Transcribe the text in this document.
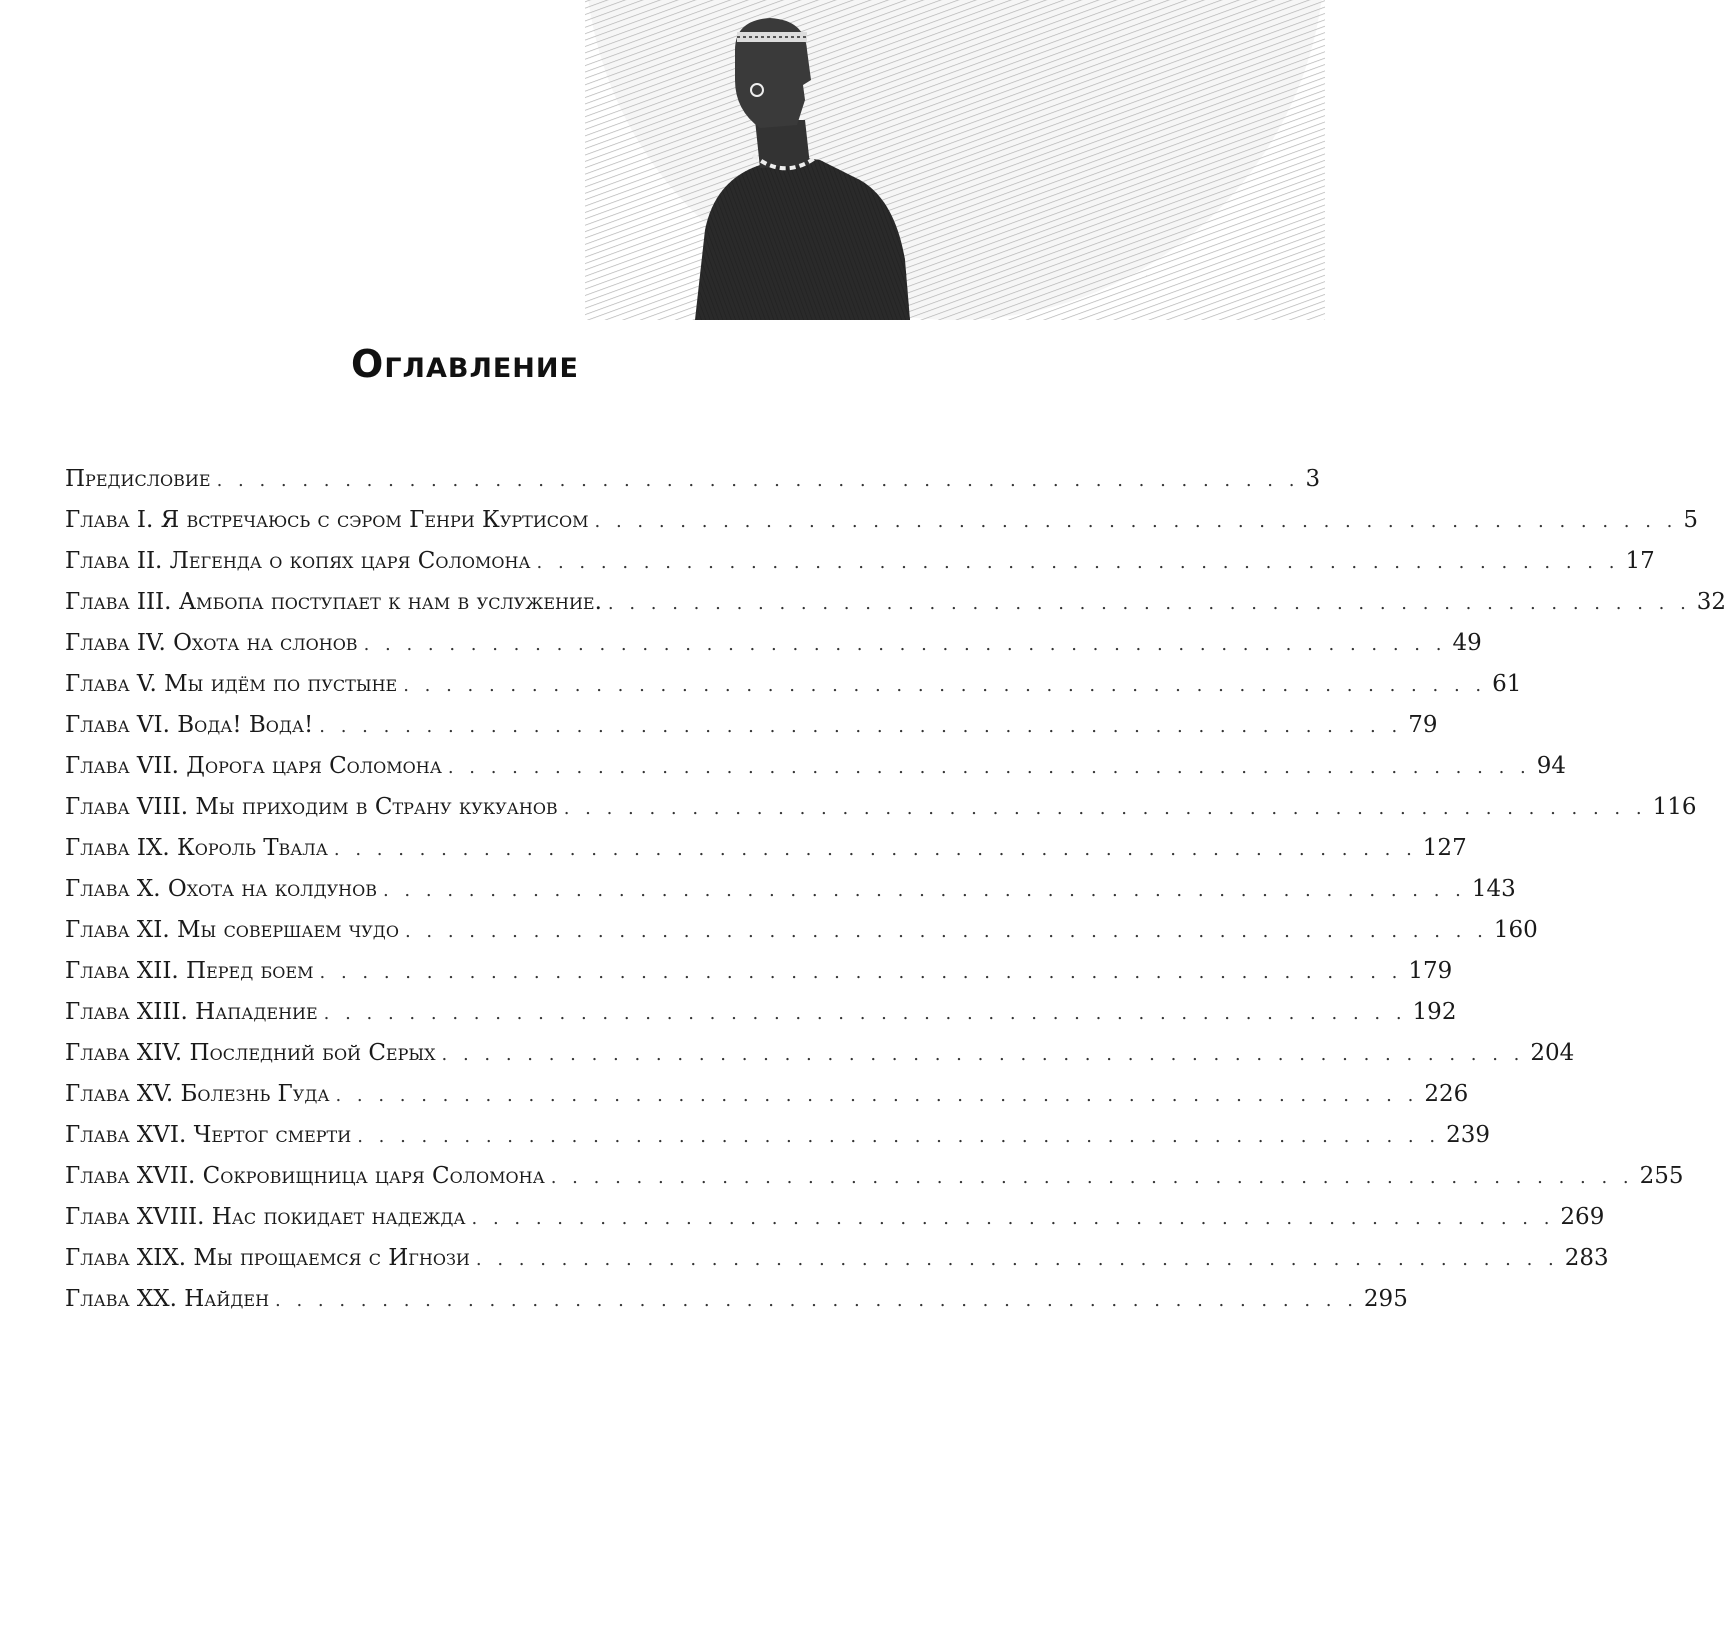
Оглавление
Предисловие . . . . . . . . . . . . . . . . . . . . . . . . . . . . . . . . . . . . . . . . . . . . . . . . . . . 3
Глава I. Я встречаюсь с сэром Генри Куртисом . . . . . . . . . . . . . . . . . . . . . . . . . . . . . . . . . . . . . . . . . . . . . . . . . . . 5
Глава II. Легенда о копях царя Соломона . . . . . . . . . . . . . . . . . . . . . . . . . . . . . . . . . . . . . . . . . . . . . . . . . . . 17
Глава III. Амбопа поступает к нам в услужение. . . . . . . . . . . . . . . . . . . . . . . . . . . . . . . . . . . . . . . . . . . . . . . . . . . . 32
Глава IV. Охота на слонов . . . . . . . . . . . . . . . . . . . . . . . . . . . . . . . . . . . . . . . . . . . . . . . . . . . 49
Глава V. Мы идём по пустыне . . . . . . . . . . . . . . . . . . . . . . . . . . . . . . . . . . . . . . . . . . . . . . . . . . . 61
Глава VI. Вода! Вода! . . . . . . . . . . . . . . . . . . . . . . . . . . . . . . . . . . . . . . . . . . . . . . . . . . . 79
Глава VII. Дорога царя Соломона . . . . . . . . . . . . . . . . . . . . . . . . . . . . . . . . . . . . . . . . . . . . . . . . . . . 94
Глава VIII. Мы приходим в Страну кукуанов . . . . . . . . . . . . . . . . . . . . . . . . . . . . . . . . . . . . . . . . . . . . . . . . . . . 116
Глава IX. Король Твала . . . . . . . . . . . . . . . . . . . . . . . . . . . . . . . . . . . . . . . . . . . . . . . . . . . 127
Глава X. Охота на колдунов . . . . . . . . . . . . . . . . . . . . . . . . . . . . . . . . . . . . . . . . . . . . . . . . . . . 143
Глава XI. Мы совершаем чудо . . . . . . . . . . . . . . . . . . . . . . . . . . . . . . . . . . . . . . . . . . . . . . . . . . . 160
Глава XII. Перед боем . . . . . . . . . . . . . . . . . . . . . . . . . . . . . . . . . . . . . . . . . . . . . . . . . . . 179
Глава XIII. Нападение . . . . . . . . . . . . . . . . . . . . . . . . . . . . . . . . . . . . . . . . . . . . . . . . . . . 192
Глава XIV. Последний бой Серых . . . . . . . . . . . . . . . . . . . . . . . . . . . . . . . . . . . . . . . . . . . . . . . . . . . 204
Глава XV. Болезнь Гуда . . . . . . . . . . . . . . . . . . . . . . . . . . . . . . . . . . . . . . . . . . . . . . . . . . . 226
Глава XVI. Чертог смерти . . . . . . . . . . . . . . . . . . . . . . . . . . . . . . . . . . . . . . . . . . . . . . . . . . . 239
Глава XVII. Сокровищница царя Соломона . . . . . . . . . . . . . . . . . . . . . . . . . . . . . . . . . . . . . . . . . . . . . . . . . . . 255
Глава XVIII. Нас покидает надежда . . . . . . . . . . . . . . . . . . . . . . . . . . . . . . . . . . . . . . . . . . . . . . . . . . . 269
Глава XIX. Мы прощаемся с Игнози . . . . . . . . . . . . . . . . . . . . . . . . . . . . . . . . . . . . . . . . . . . . . . . . . . . 283
Глава XX. Найден . . . . . . . . . . . . . . . . . . . . . . . . . . . . . . . . . . . . . . . . . . . . . . . . . . . 295
